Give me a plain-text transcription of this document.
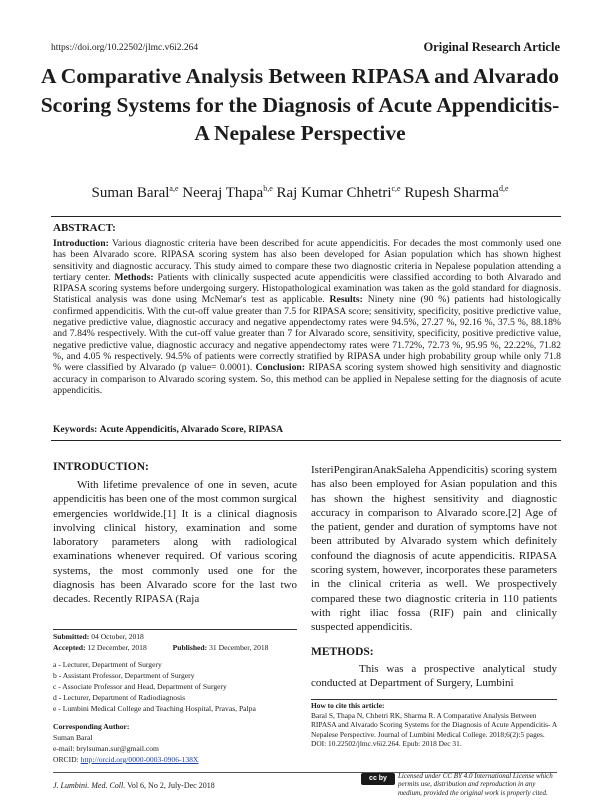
https://doi.org/10.22502/jlmc.v6i2.264	Original Research Article
A Comparative Analysis Between RIPASA and Alvarado Scoring Systems for the Diagnosis of Acute Appendicitis- A Nepalese Perspective
Suman Baral$^{a,e}$ Neeraj Thapa$^{b,e}$ Raj Kumar Chhetri$^{c,e}$ Rupesh Sharma$^{d,e}$
ABSTRACT:
Introduction: Various diagnostic criteria have been described for acute appendicitis. For decades the most commonly used one has been Alvarado score. RIPASA scoring system has also been developed for Asian population which has shown highest sensitivity and diagnostic accuracy. This study aimed to compare these two diagnostic criteria in Nepalese population attending a tertiary center. Methods: Patients with clinically suspected acute appendicitis were classified according to both Alvarado and RIPASA scoring systems before undergoing surgery. Histopathological examination was taken as the gold standard for diagnosis. Statistical analysis was done using McNemar's test as applicable. Results: Ninety nine (90 %) patients had histologically confirmed appendicitis. With the cut-off value greater than 7.5 for RIPASA score; sensitivity, specificity, positive predictive value, negative predictive value, diagnostic accuracy and negative appendectomy rates were 94.5%, 27.27 %, 92.16 %, 37.5 %, 88.18% and 7.84% respectively. With the cut-off value greater than 7 for Alvarado score, sensitivity, specificity, positive predictive value, negative predictive value, diagnostic accuracy and negative appendectomy rates were 71.72%, 72.73 %, 95.95 %, 22.22%, 71.82 %, and 4.05 % respectively. 94.5% of patients were correctly stratified by RIPASA under high probability group while only 71.8 % were classified by Alvarado (p value= 0.0001). Conclusion: RIPASA scoring system showed high sensitivity and diagnostic accuracy in comparison to Alvarado scoring system. So, this method can be applied in Nepalese setting for the diagnosis of acute appendicitis.
Keywords: Acute Appendicitis, Alvarado Score, RIPASA
INTRODUCTION:
With lifetime prevalence of one in seven, acute appendicitis has been one of the most common surgical emergencies worldwide.[1] It is a clinical diagnosis involving clinical history, examination and some laboratory parameters along with radiological examinations whenever required. Of various scoring systems, the most commonly used one for the diagnosis has been Alvarado score for the last two decades. Recently RIPASA (Raja
IsteriPengiranAnakSaleha Appendicitis) scoring system has also been employed for Asian population and this has shown the highest sensitivity and diagnostic accuracy in comparison to Alvarado score.[2] Age of the patient, gender and duration of symptoms have not been attributed by Alvarado system which definitely confound the diagnosis of acute appendicitis. RIPASA scoring system, however, incorporates these parameters in the clinical criteria as well. We prospectively compared these two diagnostic criteria in 110 patients with right iliac fossa (RIF) pain and clinically suspected appendicitis.
METHODS:
This was a prospective analytical study conducted at Department of Surgery, Lumbini
Submitted: 04 October, 2018
Accepted: 12 December, 2018	Published: 31 December, 2018
a - Lecturer, Department of Surgery
b - Assistant Professor, Department of Surgery
c - Associate Professor and Head, Department of Surgery
d - Lecturer, Department of Radiodiagnosis
e - Lumbini Medical College and Teaching Hospital, Pravas, Palpa
Corresponding Author:
Suman Baral
e-mail: brylsuman.sur@gmail.com
ORCID: http://orcid.org/0000-0003-0906-138X
How to cite this article:
Baral S, Thapa N, Chhetri RK, Sharma R. A Comparative Analysis Between RIPASA and Alvarado Scoring Systems for the Diagnosis of Acute Appendicitis- A Nepalese Perspective. Journal of Lumbini Medical College. 2018;6(2):5 pages. DOI: 10.22502/jlmc.v6i2.264. Epub: 2018 Dec 31.
J. Lumbini. Med. Coll. Vol 6, No 2, July-Dec 2018
cc by	Licensed under CC BY 4.0 International License which permits use, distribution and reproduction in any medium, provided the original work is properly cited.
